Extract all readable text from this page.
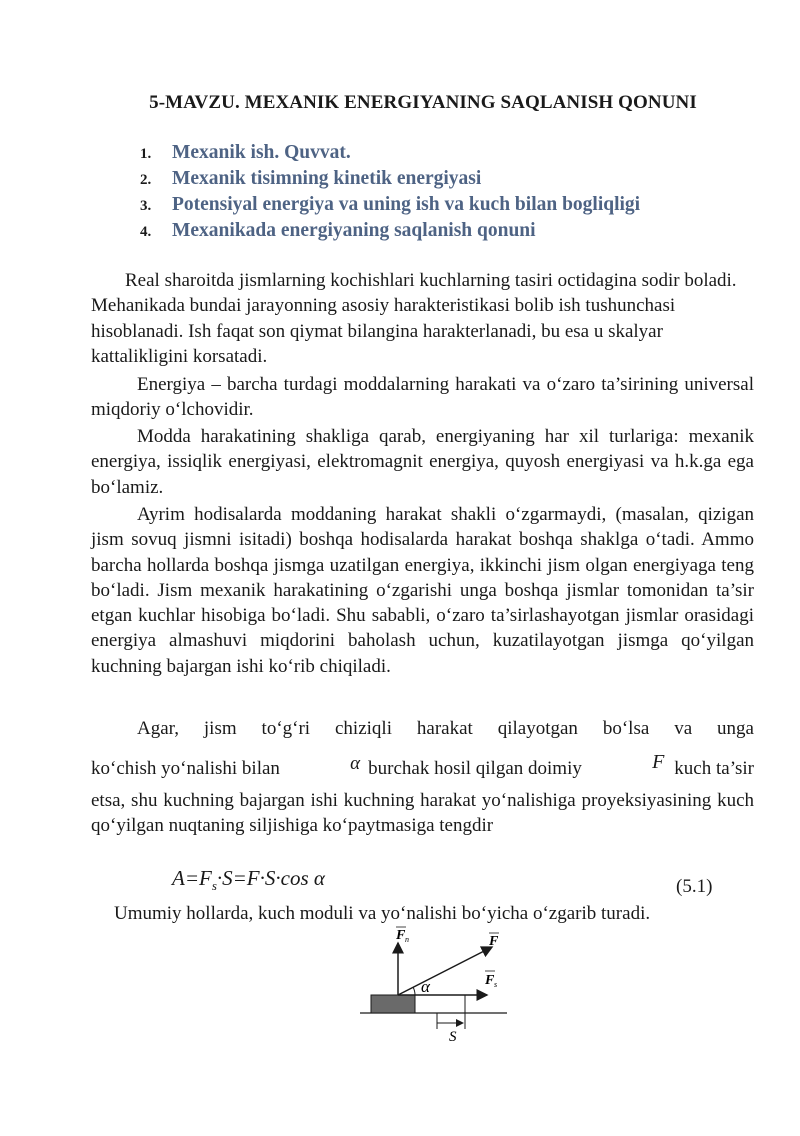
5-MAVZU. MEXANIK ENERGIYANING SAQLANISH QONUNI
1. Mexanik ish. Quvvat.
2. Mexanik tisimning kinetik energiyasi
3. Potensiyal energiya va uning ish va kuch bilan bogliqligi
4. Mexanikada energiyaning saqlanish qonuni

Real sharoitda jismlarning kochishlari kuchlarning tasiri octidagina sodir boladi. Mehanikada bundai jarayonning asosiy harakteristikasi bolib ish tushunchasi hisoblanadi. Ish faqat son qiymat bilangina harakterlanadi, bu esa u skalyar kattalikligini korsatadi.

Energiya – barcha turdagi moddalarning harakati va o‘zaro ta’sirining universal miqdoriy o‘lchovidir.

Modda harakatining shakliga qarab, energiyaning har xil turlariga: mexanik energiya, issiqlik energiyasi, elektromagnit energiya, quyosh energiyasi va h.k.ga ega bo‘lamiz.

Ayrim hodisalarda moddaning harakat shakli o‘zgarmaydi, (masalan, qizigan jism sovuq jismni isitadi) boshqa hodisalarda harakat boshqa shaklga o‘tadi. Ammo barcha hollarda boshqa jismga uzatilgan energiya, ikkinchi jism olgan energiyaga teng bo‘ladi. Jism mexanik harakatining o‘zgarishi unga boshqa jismlar tomonidan ta’sir etgan kuchlar hisobiga bo‘ladi. Shu sababli, o‘zaro ta’sirlashayotgan jismlar orasidagi energiya almashuvi miqdorini baholash uchun, kuzatilayotgan jismga qo‘yilgan kuchning bajargan ishi ko‘rib chiqiladi.

Agar, jism to‘g‘ri chiziqli harakat qilayotgan bo‘lsa va unga
ko‘chish yo‘nalishi bilan	α burchak hosil qilgan doimiy	F kuch ta’sir

etsa, shu kuchning bajargan ishi kuchning harakat yo‘nalishiga proyeksiyasining kuch qo‘yilgan nuqtaning siljishiga ko‘paytmasiga tengdir

$A=F_s\cdot S=F\cdot S\cdot\cos$ α	(5.1)
Umumiy hollarda, kuch moduli va yo‘nalishi bo‘yicha o‘zgarib turadi.
F n	F
F s
α
S
